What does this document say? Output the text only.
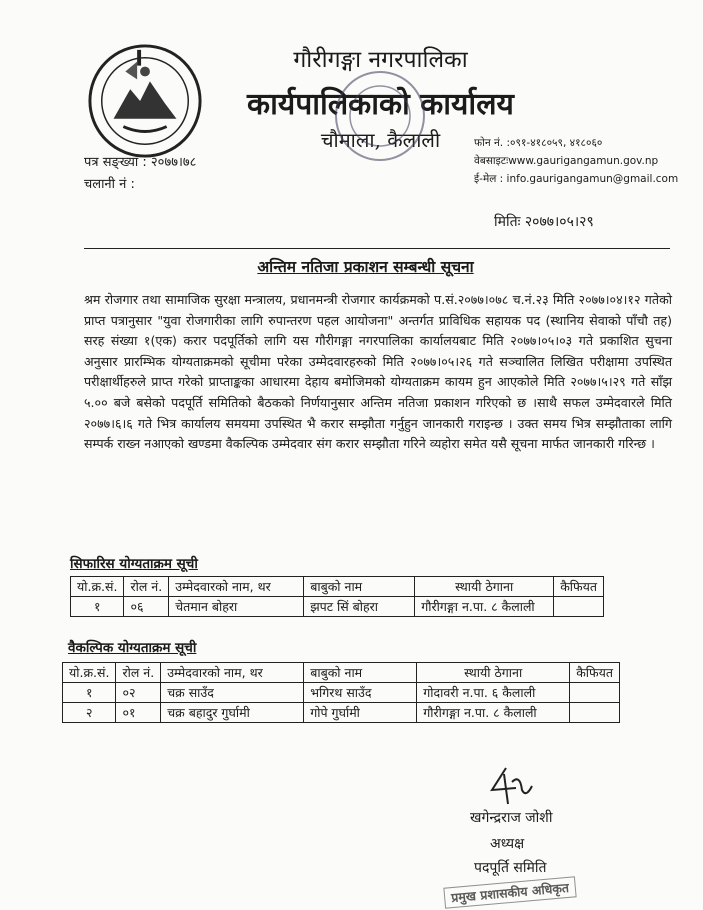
गौरीगङ्गा नगरपालिका
कार्यपालिकाको कार्यालय
चौमाला, कैलाली	फोन नं. :०९१-४१८०५९, ४१८०६०
वेबसाइटःwww.gaurigangamun.gov.np
ई-मेल : info.gaurigangamun@gmail.com
पत्र सङ्ख्या : २०७७।७८
चलानी नं :
मितिः २०७७।०५।२९
अन्तिम नतिजा प्रकाशन सम्बन्धी सूचना
श्रम रोजगार तथा सामाजिक सुरक्षा मन्त्रालय, प्रधानमन्त्री रोजगार कार्यक्रमको प.सं.२०७७।०७८ च.नं.२३ मिति २०७७।०४।१२ गतेको प्राप्त पत्रानुसार "युवा रोजगारीका लागि रुपान्तरण पहल आयोजना" अन्तर्गत प्राविधिक सहायक पद (स्थानिय सेवाको पाँचौ तह) सरह संख्या १(एक) करार पदपूर्तिको लागि यस गौरीगङ्गा नगरपालिका कार्यालयबाट मिति २०७७।०५।०३ गते प्रकाशित सुचना अनुसार प्रारम्भिक योग्यताक्रमको सूचीमा परेका उम्मेदवारहरुको मिति २०७७।०५।२६ गते सञ्चालित लिखित परीक्षामा उपस्थित परीक्षार्थीहरुले प्राप्त गरेको प्राप्ताङ्कका आधारमा देहाय बमोजिमको योग्यताक्रम कायम हुन आएकोले मिति २०७७।५।२९ गते साँझ ५.०० बजे बसेको पदपूर्ति समितिको बैठकको निर्णयानुसार अन्तिम नतिजा प्रकाशन गरिएको छ ।साथै सफल उम्मेदवारले मिति २०७७।६।६ गते भित्र कार्यालय समयमा उपस्थित भै करार सम्झौता गर्नुहुन जानकारी गराइन्छ । उक्त समय भित्र सम्झौताका लागि सम्पर्क राख्न नआएको खण्डमा वैकल्पिक उम्मेदवार संग करार सम्झौता गरिने व्यहोरा समेत यसै सूचना मार्फत जानकारी गरिन्छ ।
सिफारिस योग्यताक्रम सूची
यो.क्र.सं.	रोल नं.	उम्मेदवारको नाम, थर	बाबुको नाम	स्थायी ठेगाना	कैफियत
१	०६	चेतमान बोहरा	झपट सिं बोहरा	गौरीगङ्गा न.पा. ८ कैलाली	
वैकल्पिक योग्यताक्रम सूची
यो.क्र.सं.	रोल नं.	उम्मेदवारको नाम, थर	बाबुको नाम	स्थायी ठेगाना	कैफियत
१	०२	चक्र साउँद	भगिरथ साउँद	गोदावरी न.पा. ६ कैलाली	
२	०१	चक्र बहादुर गुर्घामी	गोपे गुर्घामी	गौरीगङ्गा न.पा. ८ कैलाली	
खगेन्द्रराज जोशी
अध्यक्ष
पदपूर्ति समिति
प्रमुख प्रशासकीय अधिकृत
